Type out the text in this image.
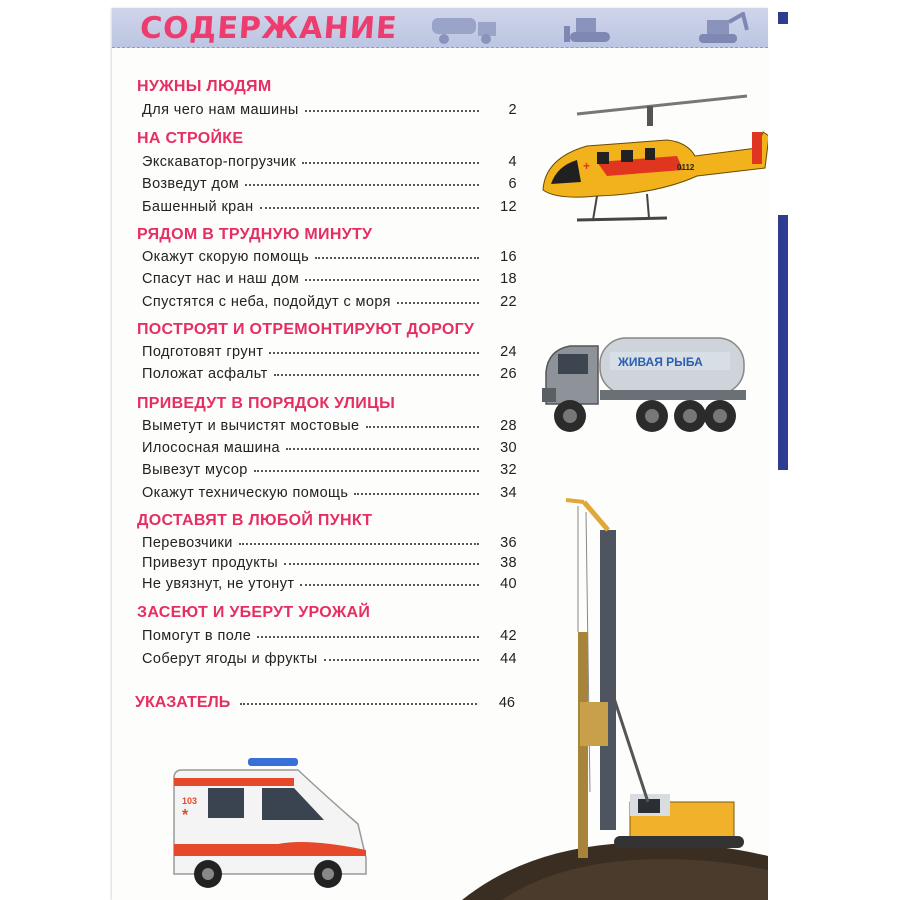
СОДЕРЖАНИЕ
+	0112
ЖИВАЯ РЫБА
103
*
НУЖНЫ ЛЮДЯМ
Для чего нам машины	2
НА СТРОЙКЕ
Экскаватор-погрузчик	4
Возведут дом	6
Башенный кран	12
РЯДОМ В ТРУДНУЮ МИНУТУ
Окажут скорую помощь	16
Спасут нас и наш дом	18
Спустятся с неба, подойдут с моря	22
ПОСТРОЯТ И ОТРЕМОНТИРУЮТ ДОРОГУ
Подготовят грунт	24
Положат асфальт	26
ПРИВЕДУТ В ПОРЯДОК УЛИЦЫ
Выметут и вычистят мостовые	28
Илососная машина	30
Вывезут мусор	32
Окажут техническую помощь	34
ДОСТАВЯТ В ЛЮБОЙ ПУНКТ
Перевозчики	36
Привезут продукты	38
Не увязнут, не утонут	40
ЗАСЕЮТ И УБЕРУТ УРОЖАЙ
Помогут в поле	42
Соберут ягоды и фрукты	44
УКАЗАТЕЛЬ	46
